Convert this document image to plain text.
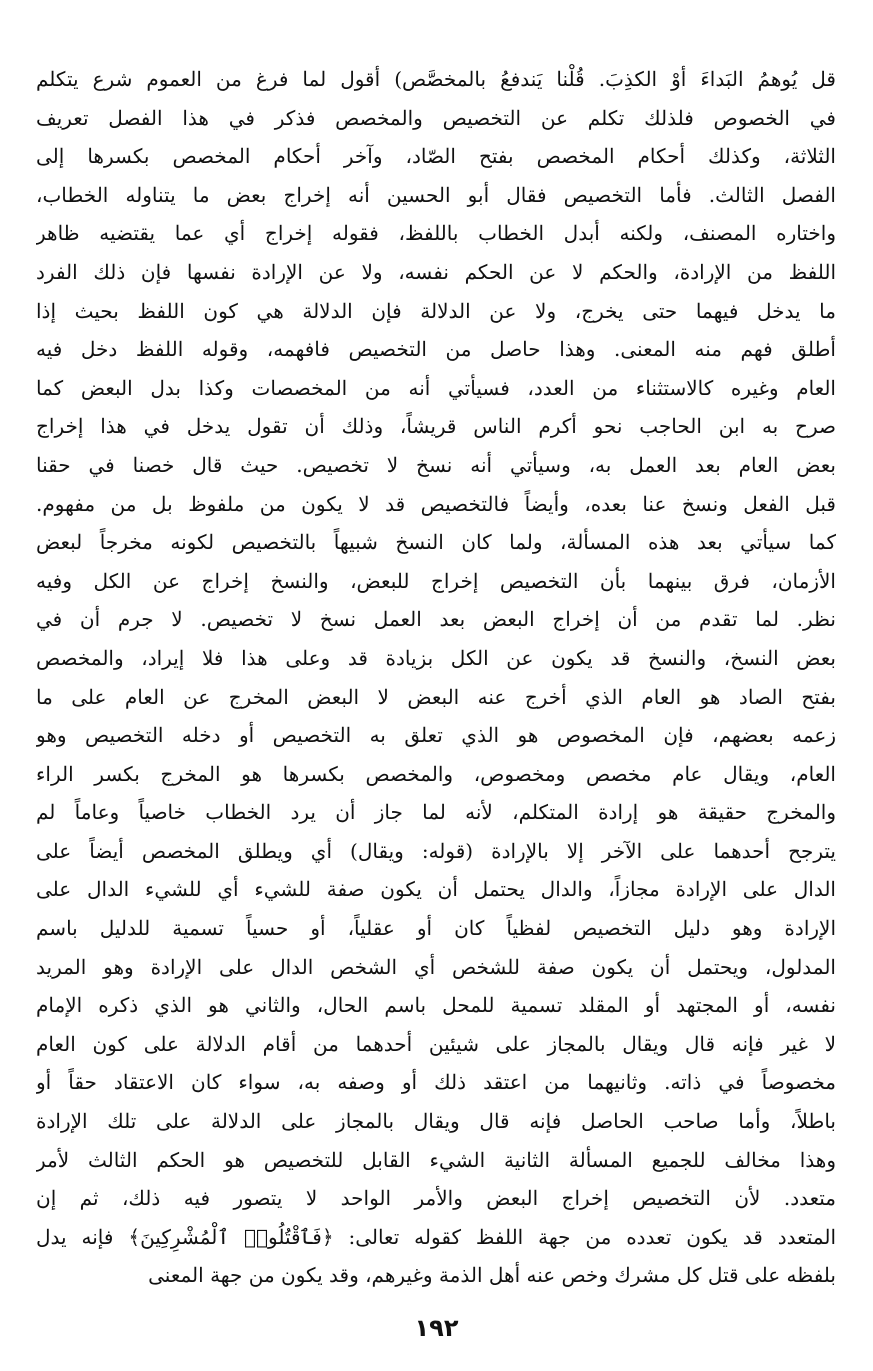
قل يُوهمُ البَداءَ أوْ الكذِبَ. قُلْنا يَندفعُ بالمخصَّص) أقول لما فرغ من العموم شرع يتكلم
في الخصوص فلذلك تكلم عن التخصيص والمخصص فذكر في هذا الفصل تعريف
الثلاثة، وكذلك أحكام المخصص بفتح الصّاد، وآخر أحكام المخصص بكسرها إلى
الفصل الثالث. فأما التخصيص فقال أبو الحسين أنه إخراج بعض ما يتناوله الخطاب،
واختاره المصنف، ولكنه أبدل الخطاب باللفظ، فقوله إخراج أي عما يقتضيه ظاهر
اللفظ من الإرادة، والحكم لا عن الحكم نفسه، ولا عن الإرادة نفسها فإن ذلك الفرد
ما يدخل فيهما حتى يخرج، ولا عن الدلالة فإن الدلالة هي كون اللفظ بحيث إذا
أطلق فهم منه المعنى. وهذا حاصل من التخصيص فافهمه، وقوله اللفظ دخل فيه
العام وغيره كالاستثناء من العدد، فسيأتي أنه من المخصصات وكذا بدل البعض كما
صرح به ابن الحاجب نحو أكرم الناس قريشاً، وذلك أن تقول يدخل في هذا إخراج
بعض العام بعد العمل به، وسيأتي أنه نسخ لا تخصيص. حيث قال خصنا في حقنا
قبل الفعل ونسخ عنا بعده، وأيضاً فالتخصيص قد لا يكون من ملفوظ بل من مفهوم.
كما سيأتي بعد هذه المسألة، ولما كان النسخ شبيهاً بالتخصيص لكونه مخرجاً لبعض
الأزمان، فرق بينهما بأن التخصيص إخراج للبعض، والنسخ إخراج عن الكل وفيه
نظر. لما تقدم من أن إخراج البعض بعد العمل نسخ لا تخصيص. لا جرم أن في
بعض النسخ، والنسخ قد يكون عن الكل بزيادة قد وعلى هذا فلا إيراد، والمخصص
بفتح الصاد هو العام الذي أخرج عنه البعض لا البعض المخرج عن العام على ما
زعمه بعضهم، فإن المخصوص هو الذي تعلق به التخصيص أو دخله التخصيص وهو
العام، ويقال عام مخصص ومخصوص، والمخصص بكسرها هو المخرج بكسر الراء
والمخرج حقيقة هو إرادة المتكلم، لأنه لما جاز أن يرد الخطاب خاصياً وعاماً لم
يترجح أحدهما على الآخر إلا بالإرادة (قوله: ويقال) أي ويطلق المخصص أيضاً على
الدال على الإرادة مجازاً، والدال يحتمل أن يكون صفة للشيء أي للشيء الدال على
الإرادة وهو دليل التخصيص لفظياً كان أو عقلياً، أو حسياً تسمية للدليل باسم
المدلول، ويحتمل أن يكون صفة للشخص أي الشخص الدال على الإرادة وهو المريد
نفسه، أو المجتهد أو المقلد تسمية للمحل باسم الحال، والثاني هو الذي ذكره الإمام
لا غير فإنه قال ويقال بالمجاز على شيئين أحدهما من أقام الدلالة على كون العام
مخصوصاً في ذاته. وثانيهما من اعتقد ذلك أو وصفه به، سواء كان الاعتقاد حقاً أو
باطلاً، وأما صاحب الحاصل فإنه قال ويقال بالمجاز على الدلالة على تلك الإرادة
وهذا مخالف للجميع المسألة الثانية الشيء القابل للتخصيص هو الحكم الثالث لأمر
متعدد. لأن التخصيص إخراج البعض والأمر الواحد لا يتصور فيه ذلك، ثم إن
المتعدد قد يكون تعدده من جهة اللفظ كقوله تعالى: ﴿فَٱقْتُلُوا۟ ٱلْمُشْرِكِينَ﴾ فإنه يدل
بلفظه على قتل كل مشرك وخص عنه أهل الذمة وغيرهم، وقد يكون من جهة المعنى
١٩٢
